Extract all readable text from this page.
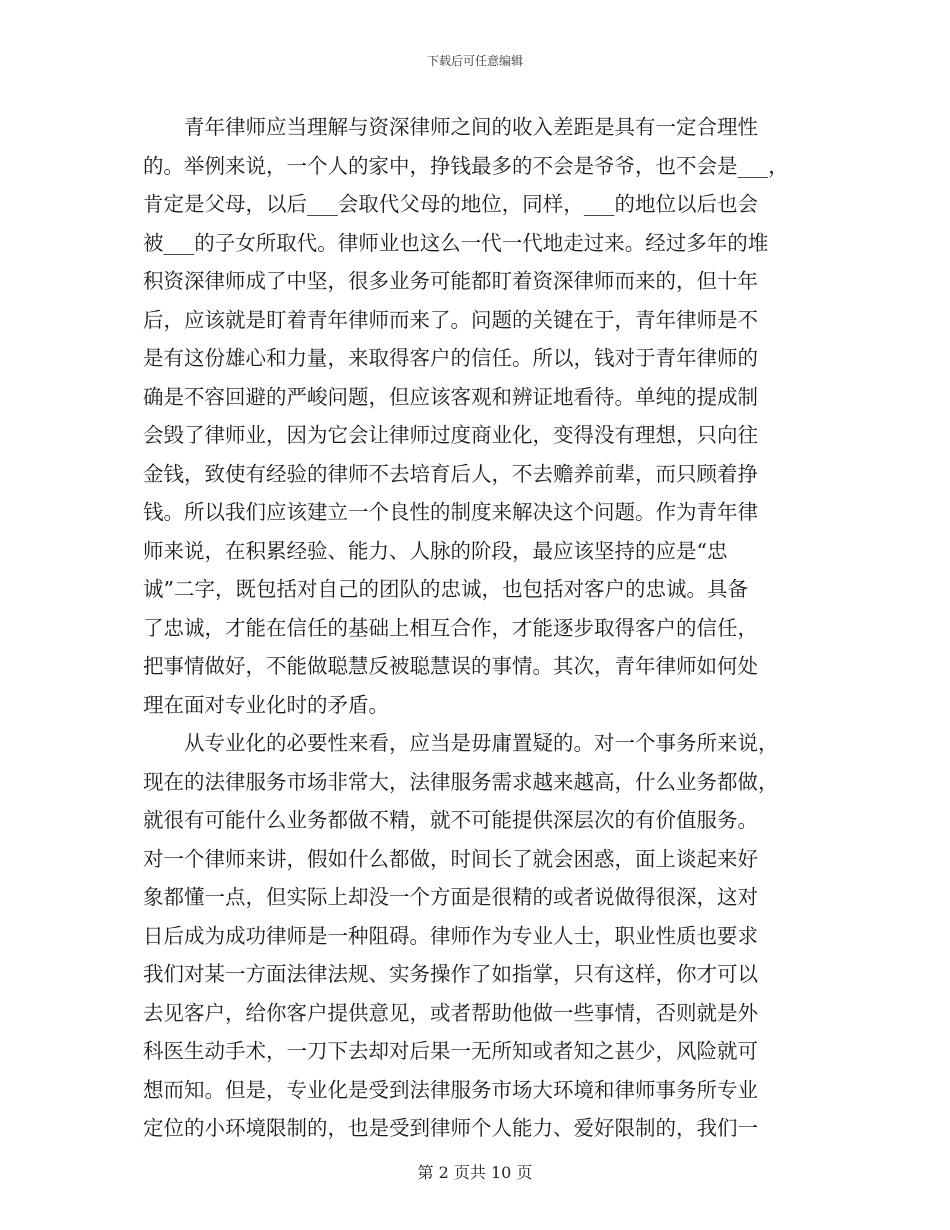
下载后可任意编辑
青年律师应当理解与资深律师之间的收入差距是具有一定合理性
的。举例来说，一个人的家中，挣钱最多的不会是爷爷，也不会是___，
肯定是父母，以后___会取代父母的地位，同样，___的地位以后也会
被___的子女所取代。律师业也这么一代一代地走过来。经过多年的堆
积资深律师成了中坚，很多业务可能都盯着资深律师而来的，但十年
后，应该就是盯着青年律师而来了。问题的关键在于，青年律师是不
是有这份雄心和力量，来取得客户的信任。所以，钱对于青年律师的
确是不容回避的严峻问题，但应该客观和辨证地看待。单纯的提成制
会毁了律师业，因为它会让律师过度商业化，变得没有理想，只向往
金钱，致使有经验的律师不去培育后人，不去赡养前辈，而只顾着挣
钱。所以我们应该建立一个良性的制度来解决这个问题。作为青年律
师来说，在积累经验、能力、人脉的阶段，最应该坚持的应是“忠
诚”二字，既包括对自己的团队的忠诚，也包括对客户的忠诚。具备
了忠诚，才能在信任的基础上相互合作，才能逐步取得客户的信任，
把事情做好，不能做聪慧反被聪慧误的事情。其次，青年律师如何处
理在面对专业化时的矛盾。
从专业化的必要性来看，应当是毋庸置疑的。对一个事务所来说，
现在的法律服务市场非常大，法律服务需求越来越高，什么业务都做，
就很有可能什么业务都做不精，就不可能提供深层次的有价值服务。
对一个律师来讲，假如什么都做，时间长了就会困惑，面上谈起来好
象都懂一点，但实际上却没一个方面是很精的或者说做得很深，这对
日后成为成功律师是一种阻碍。律师作为专业人士，职业性质也要求
我们对某一方面法律法规、实务操作了如指掌，只有这样，你才可以
去见客户，给你客户提供意见，或者帮助他做一些事情，否则就是外
科医生动手术，一刀下去却对后果一无所知或者知之甚少，风险就可
想而知。但是，专业化是受到法律服务市场大环境和律师事务所专业
定位的小环境限制的，也是受到律师个人能力、爱好限制的，我们一
第 2 页共 10 页
